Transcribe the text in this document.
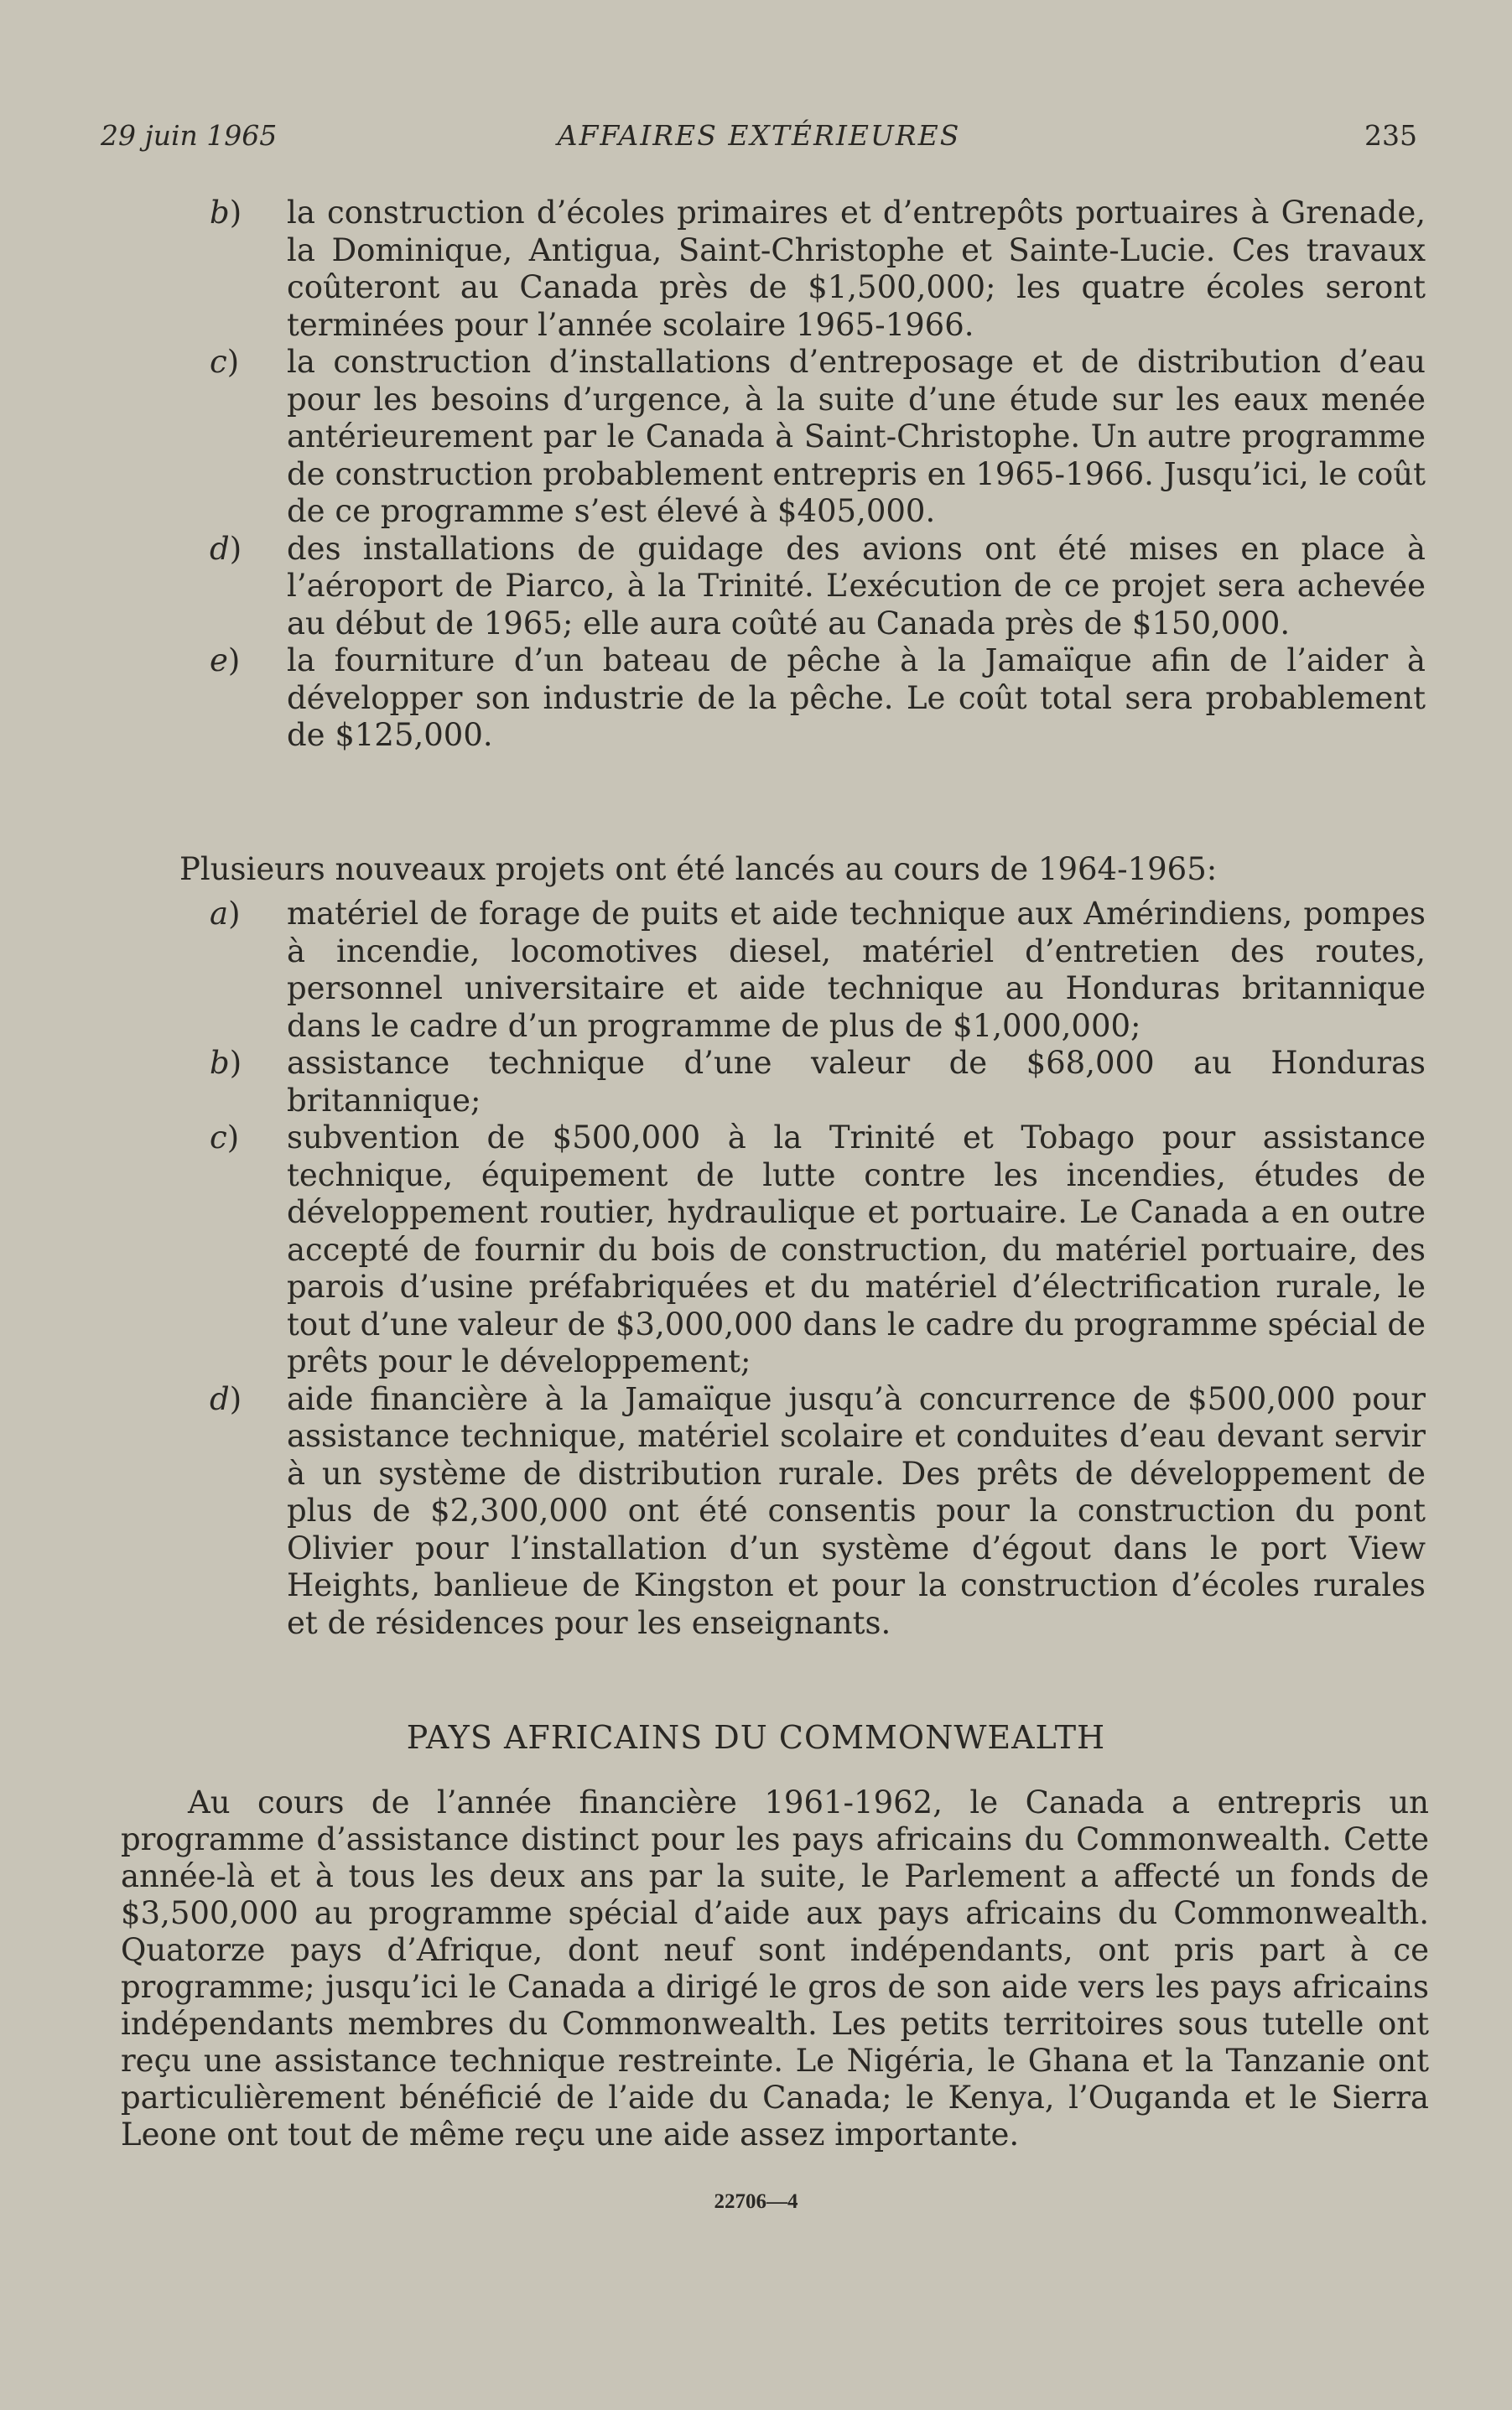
29 juin 1965	AFFAIRES EXTÉRIEURES	235
b) la construction d’écoles primaires et d’entrepôts portuaires à Grenade, la Dominique, Antigua, Saint-Christophe et Sainte-Lucie. Ces travaux coûteront au Canada près de $1,500,000; les quatre écoles seront terminées pour l’année scolaire 1965-1966.
c) la construction d’installations d’entreposage et de distribution d’eau pour les besoins d’urgence, à la suite d’une étude sur les eaux menée antérieurement par le Canada à Saint-Christophe. Un autre programme de construction probablement entrepris en 1965-1966. Jusqu’ici, le coût de ce programme s’est élevé à $405,000.
d) des installations de guidage des avions ont été mises en place à l’aéroport de Piarco, à la Trinité. L’exécution de ce projet sera achevée au début de 1965; elle aura coûté au Canada près de $150,000.
e) la fourniture d’un bateau de pêche à la Jamaïque afin de l’aider à développer son industrie de la pêche. Le coût total sera probablement de $125,000.
Plusieurs nouveaux projets ont été lancés au cours de 1964-1965:
a) matériel de forage de puits et aide technique aux Amérindiens, pompes à incendie, locomotives diesel, matériel d’entretien des routes, personnel universitaire et aide technique au Honduras britannique dans le cadre d’un programme de plus de $1,000,000;
b) assistance technique d’une valeur de $68,000 au Honduras britannique;
c) subvention de $500,000 à la Trinité et Tobago pour assistance technique, équipement de lutte contre les incendies, études de développement routier, hydraulique et portuaire. Le Canada a en outre accepté de fournir du bois de construction, du matériel portuaire, des parois d’usine préfabriquées et du matériel d’électrification rurale, le tout d’une valeur de $3,000,000 dans le cadre du programme spécial de prêts pour le développement;
d) aide financière à la Jamaïque jusqu’à concurrence de $500,000 pour assistance technique, matériel scolaire et conduites d’eau devant servir à un système de distribution rurale. Des prêts de développement de plus de $2,300,000 ont été consentis pour la construction du pont Olivier pour l’installation d’un système d’égout dans le port View Heights, banlieue de Kingston et pour la construction d’écoles rurales et de résidences pour les enseignants.
PAYS AFRICAINS DU COMMONWEALTH
Au cours de l’année financière 1961-1962, le Canada a entrepris un programme d’assistance distinct pour les pays africains du Commonwealth. Cette année-là et à tous les deux ans par la suite, le Parlement a affecté un fonds de $3,500,000 au programme spécial d’aide aux pays africains du Commonwealth. Quatorze pays d’Afrique, dont neuf sont indépendants, ont pris part à ce programme; jusqu’ici le Canada a dirigé le gros de son aide vers les pays africains indépendants membres du Commonwealth. Les petits territoires sous tutelle ont reçu une assistance technique restreinte. Le Nigéria, le Ghana et la Tanzanie ont particulièrement bénéficié de l’aide du Canada; le Kenya, l’Ouganda et le Sierra Leone ont tout de même reçu une aide assez importante.
22706—4
